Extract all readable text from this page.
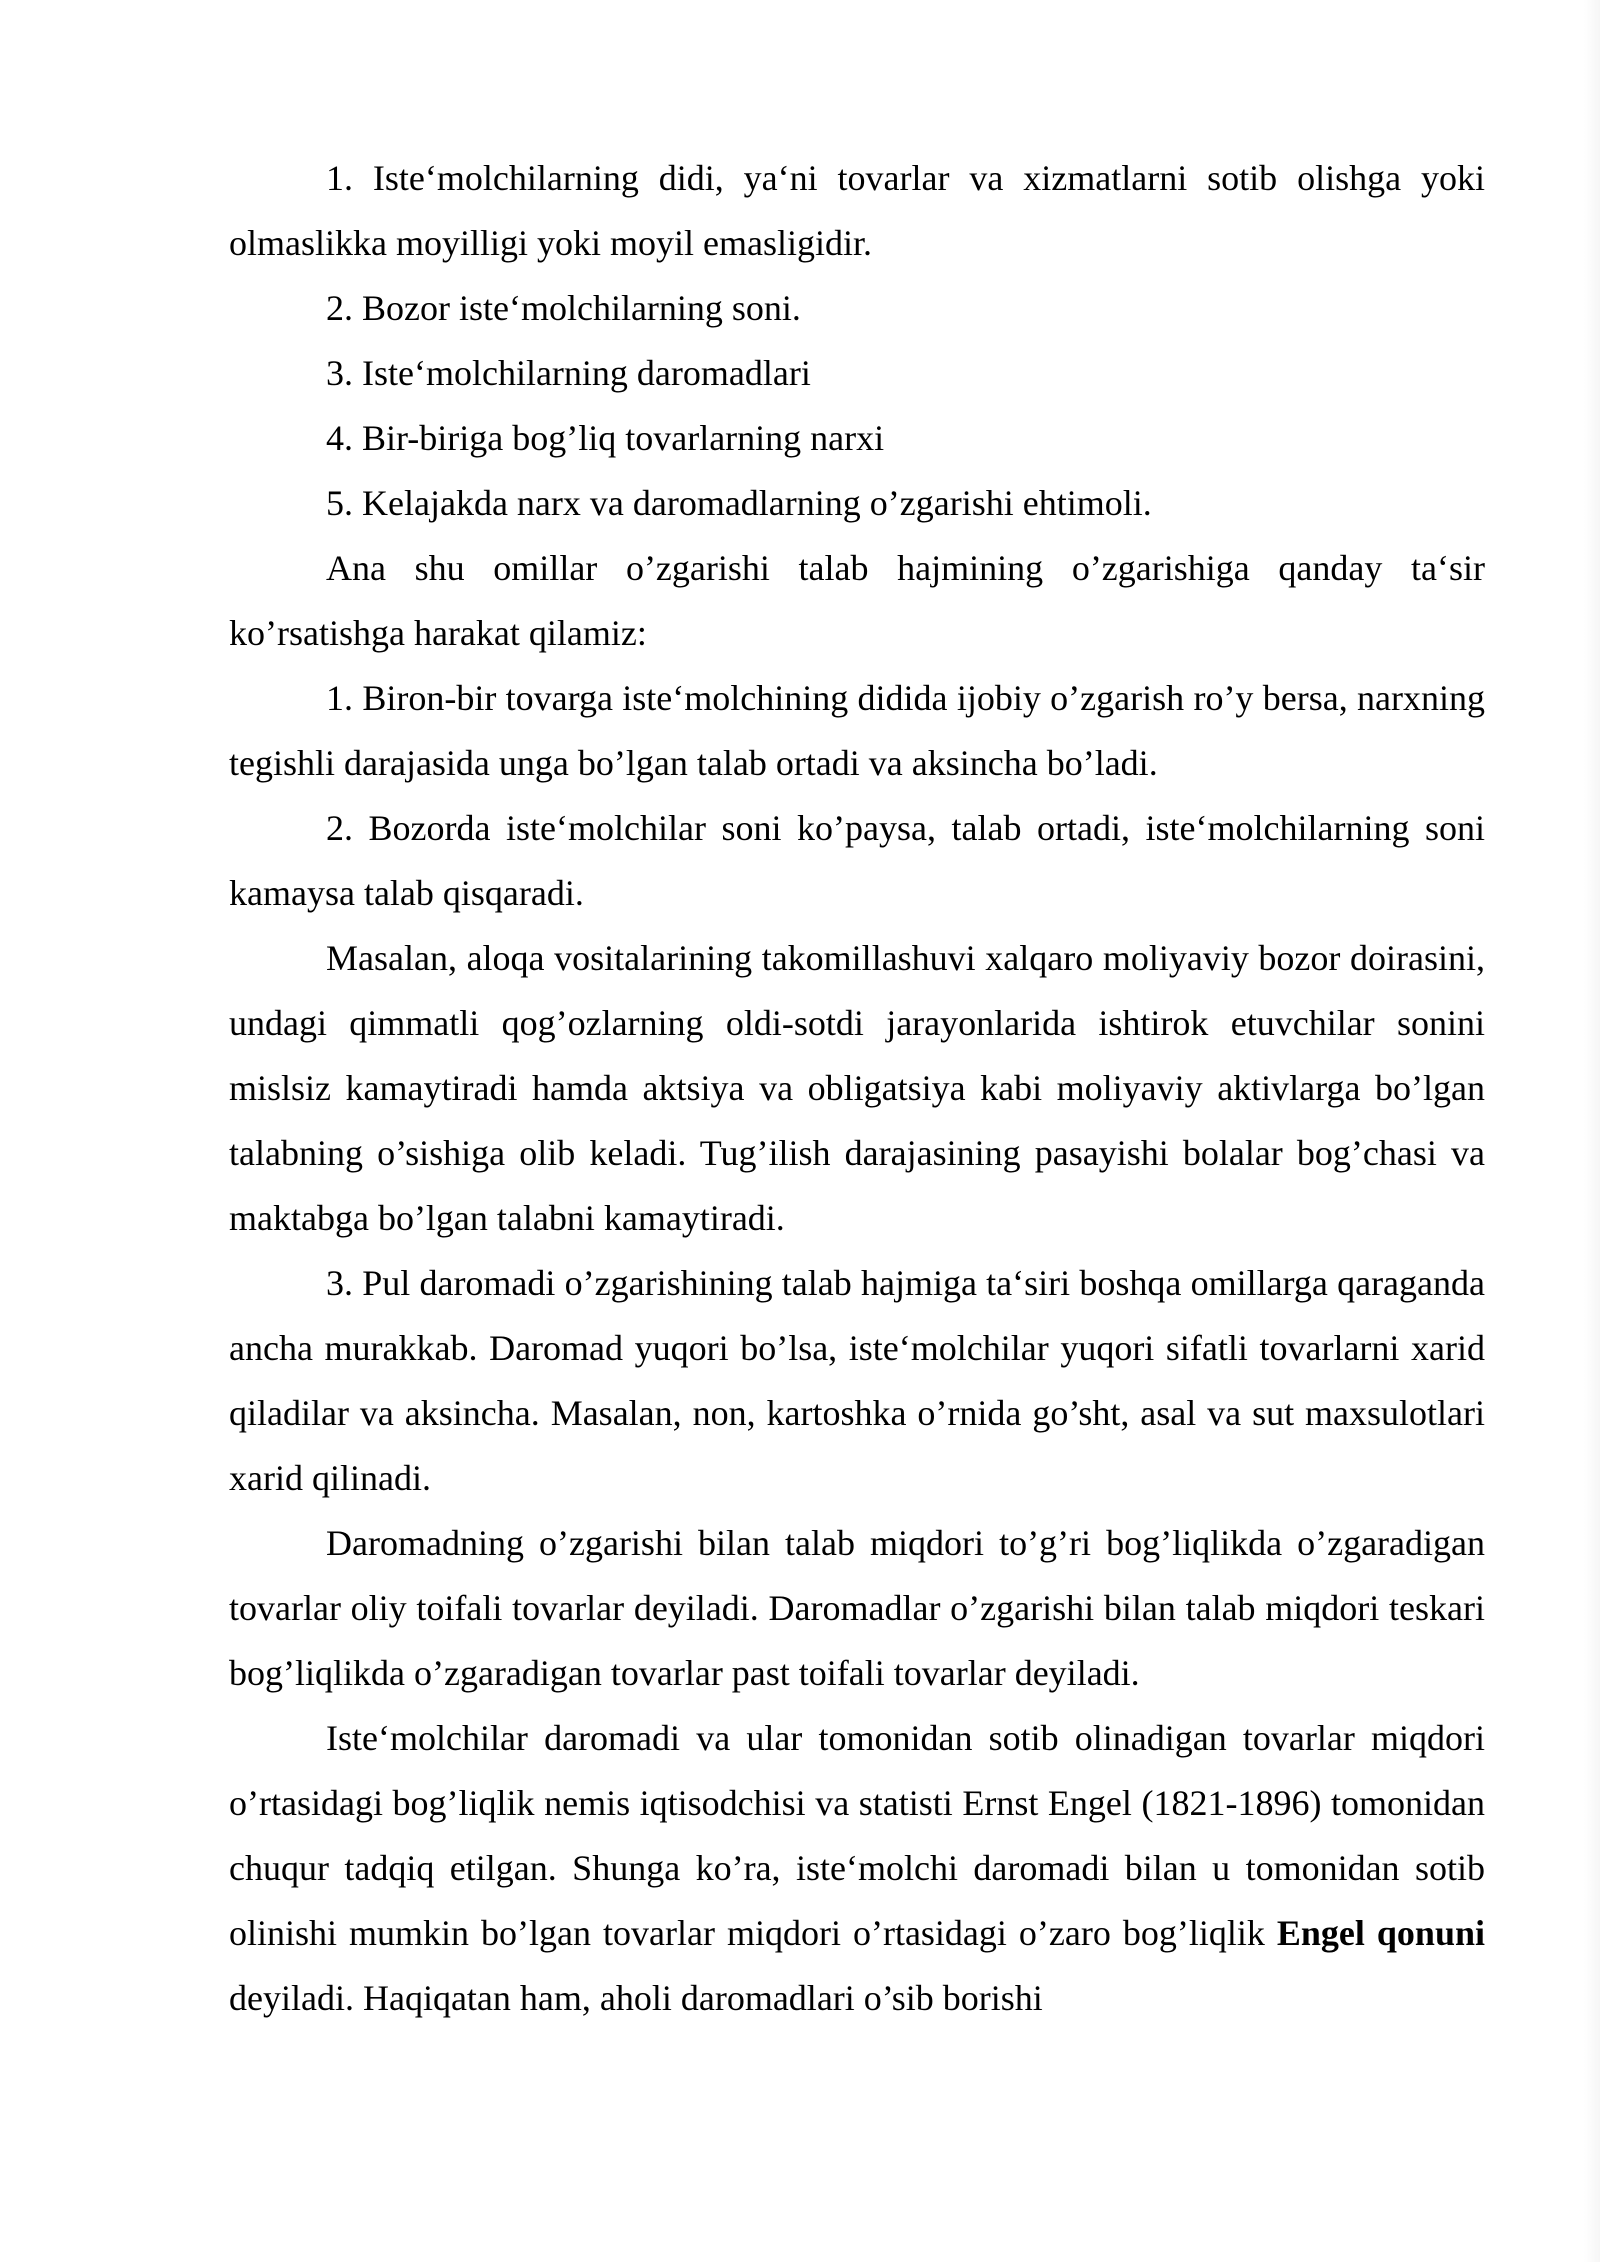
1. Iste‘molchilarning didi, ya‘ni tovarlar va xizmatlarni sotib olishga yoki olmaslikka moyilligi yoki moyil emasligidir.

2. Bozor iste‘molchilarning soni.

3. Iste‘molchilarning daromadlari

4. Bir-biriga bog’liq tovarlarning narxi

5. Kelajakda narx va daromadlarning o’zgarishi ehtimoli.

Ana shu omillar o’zgarishi talab hajmining o’zgarishiga qanday ta‘sir ko’rsatishga harakat qilamiz:

1. Biron-bir tovarga iste‘molchining didida ijobiy o’zgarish ro’y bersa, narxning tegishli darajasida unga bo’lgan talab ortadi va aksincha bo’ladi.

2. Bozorda iste‘molchilar soni ko’paysa, talab ortadi, iste‘molchilarning soni kamaysa talab qisqaradi.

Masalan, aloqa vositalarining takomillashuvi xalqaro moliyaviy bozor doirasini, undagi qimmatli qog’ozlarning oldi-sotdi jarayonlarida ishtirok etuvchilar sonini mislsiz kamaytiradi hamda aktsiya va obligatsiya kabi moliyaviy aktivlarga bo’lgan talabning o’sishiga olib keladi. Tug’ilish darajasining pasayishi bolalar bog’chasi va maktabga bo’lgan talabni kamaytiradi.

3. Pul daromadi o’zgarishining talab hajmiga ta‘siri boshqa omillarga qaraganda ancha murakkab. Daromad yuqori bo’lsa, iste‘molchilar yuqori sifatli tovarlarni xarid qiladilar va aksincha. Masalan, non, kartoshka o’rnida go’sht, asal va sut maxsulotlari xarid qilinadi.

Daromadning o’zgarishi bilan talab miqdori to’g’ri bog’liqlikda o’zgaradigan tovarlar oliy toifali tovarlar deyiladi. Daromadlar o’zgarishi bilan talab miqdori teskari bog’liqlikda o’zgaradigan tovarlar past toifali tovarlar deyiladi.

Iste‘molchilar daromadi va ular tomonidan sotib olinadigan tovarlar miqdori o’rtasidagi bog’liqlik nemis iqtisodchisi va statisti Ernst Engel (1821-1896) tomonidan chuqur tadqiq etilgan. Shunga ko’ra, iste‘molchi daromadi bilan u tomonidan sotib olinishi mumkin bo’lgan tovarlar miqdori o’rtasidagi o’zaro bog’liqlik Engel qonuni deyiladi. Haqiqatan ham, aholi daromadlari o’sib borishi
